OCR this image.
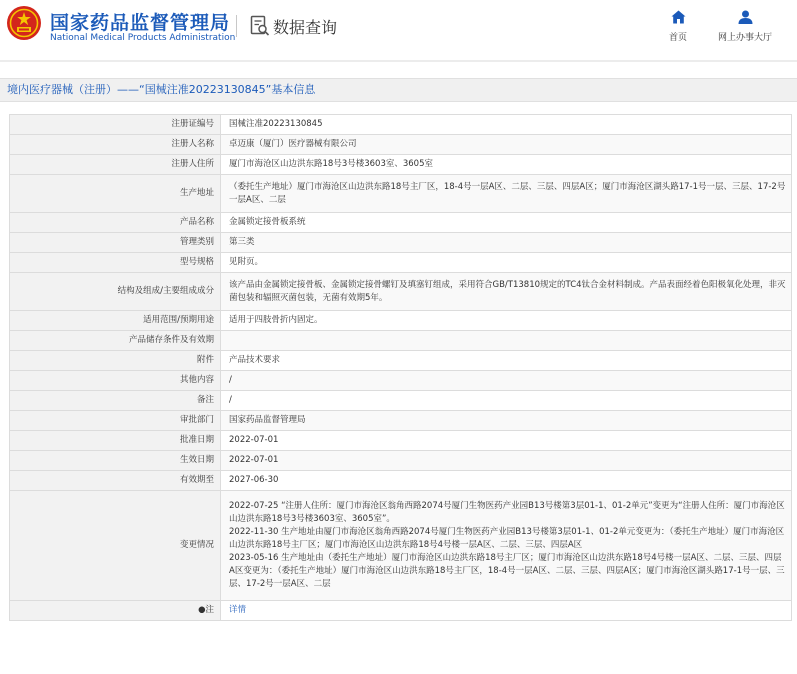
国家药品监督管理局
National Medical Products Administration
数据查询
首页	网上办事大厅
境内医疗器械（注册）——“国械注准20223130845”基本信息
注册证编号	国械注准20223130845
注册人名称	卓迈康（厦门）医疗器械有限公司
注册人住所	厦门市海沧区山边洪东路18号3号楼3603室、3605室
生产地址	（委托生产地址）厦门市海沧区山边洪东路18号主厂区，18-4号一层A区、二层、三层、四层A区；厦门市海沧区湖头路17-1号一层、三层、17-2号一层A区、二层
产品名称	金属锁定接骨板系统
管理类别	第三类
型号规格	见附页。
结构及组成/主要组成成分	该产品由金属锁定接骨板、金属锁定接骨螺钉及填塞钉组成，采用符合GB/T13810规定的TC4钛合金材料制成。产品表面经着色阳极氧化处理，非灭菌包装和辐照灭菌包装，无菌有效期5年。
适用范围/预期用途	适用于四肢骨折内固定。
产品储存条件及有效期	
附件	产品技术要求
其他内容	/
备注	/
审批部门	国家药品监督管理局
批准日期	2022-07-01
生效日期	2022-07-01
有效期至	2027-06-30
变更情况	2022-07-25 “注册人住所：厦门市海沧区翁角西路2074号厦门生物医药产业园B13号楼第3层01-1、01-2单元”变更为“注册人住所：厦门市海沧区山边洪东路18号3号楼3603室、3605室”。
2022-11-30 生产地址由厦门市海沧区翁角西路2074号厦门生物医药产业园B13号楼第3层01-1、01-2单元变更为：（委托生产地址）厦门市海沧区山边洪东路18号主厂区；厦门市海沧区山边洪东路18号4号楼一层A区、二层、三层、四层A区
2023-05-16 生产地址由（委托生产地址）厦门市海沧区山边洪东路18号主厂区；厦门市海沧区山边洪东路18号4号楼一层A区、二层、三层、四层A区变更为：（委托生产地址）厦门市海沧区山边洪东路18号主厂区，18-4号一层A区、二层、三层、四层A区；厦门市海沧区湖头路17-1号一层、三层、17-2号一层A区、二层
●注	详情
